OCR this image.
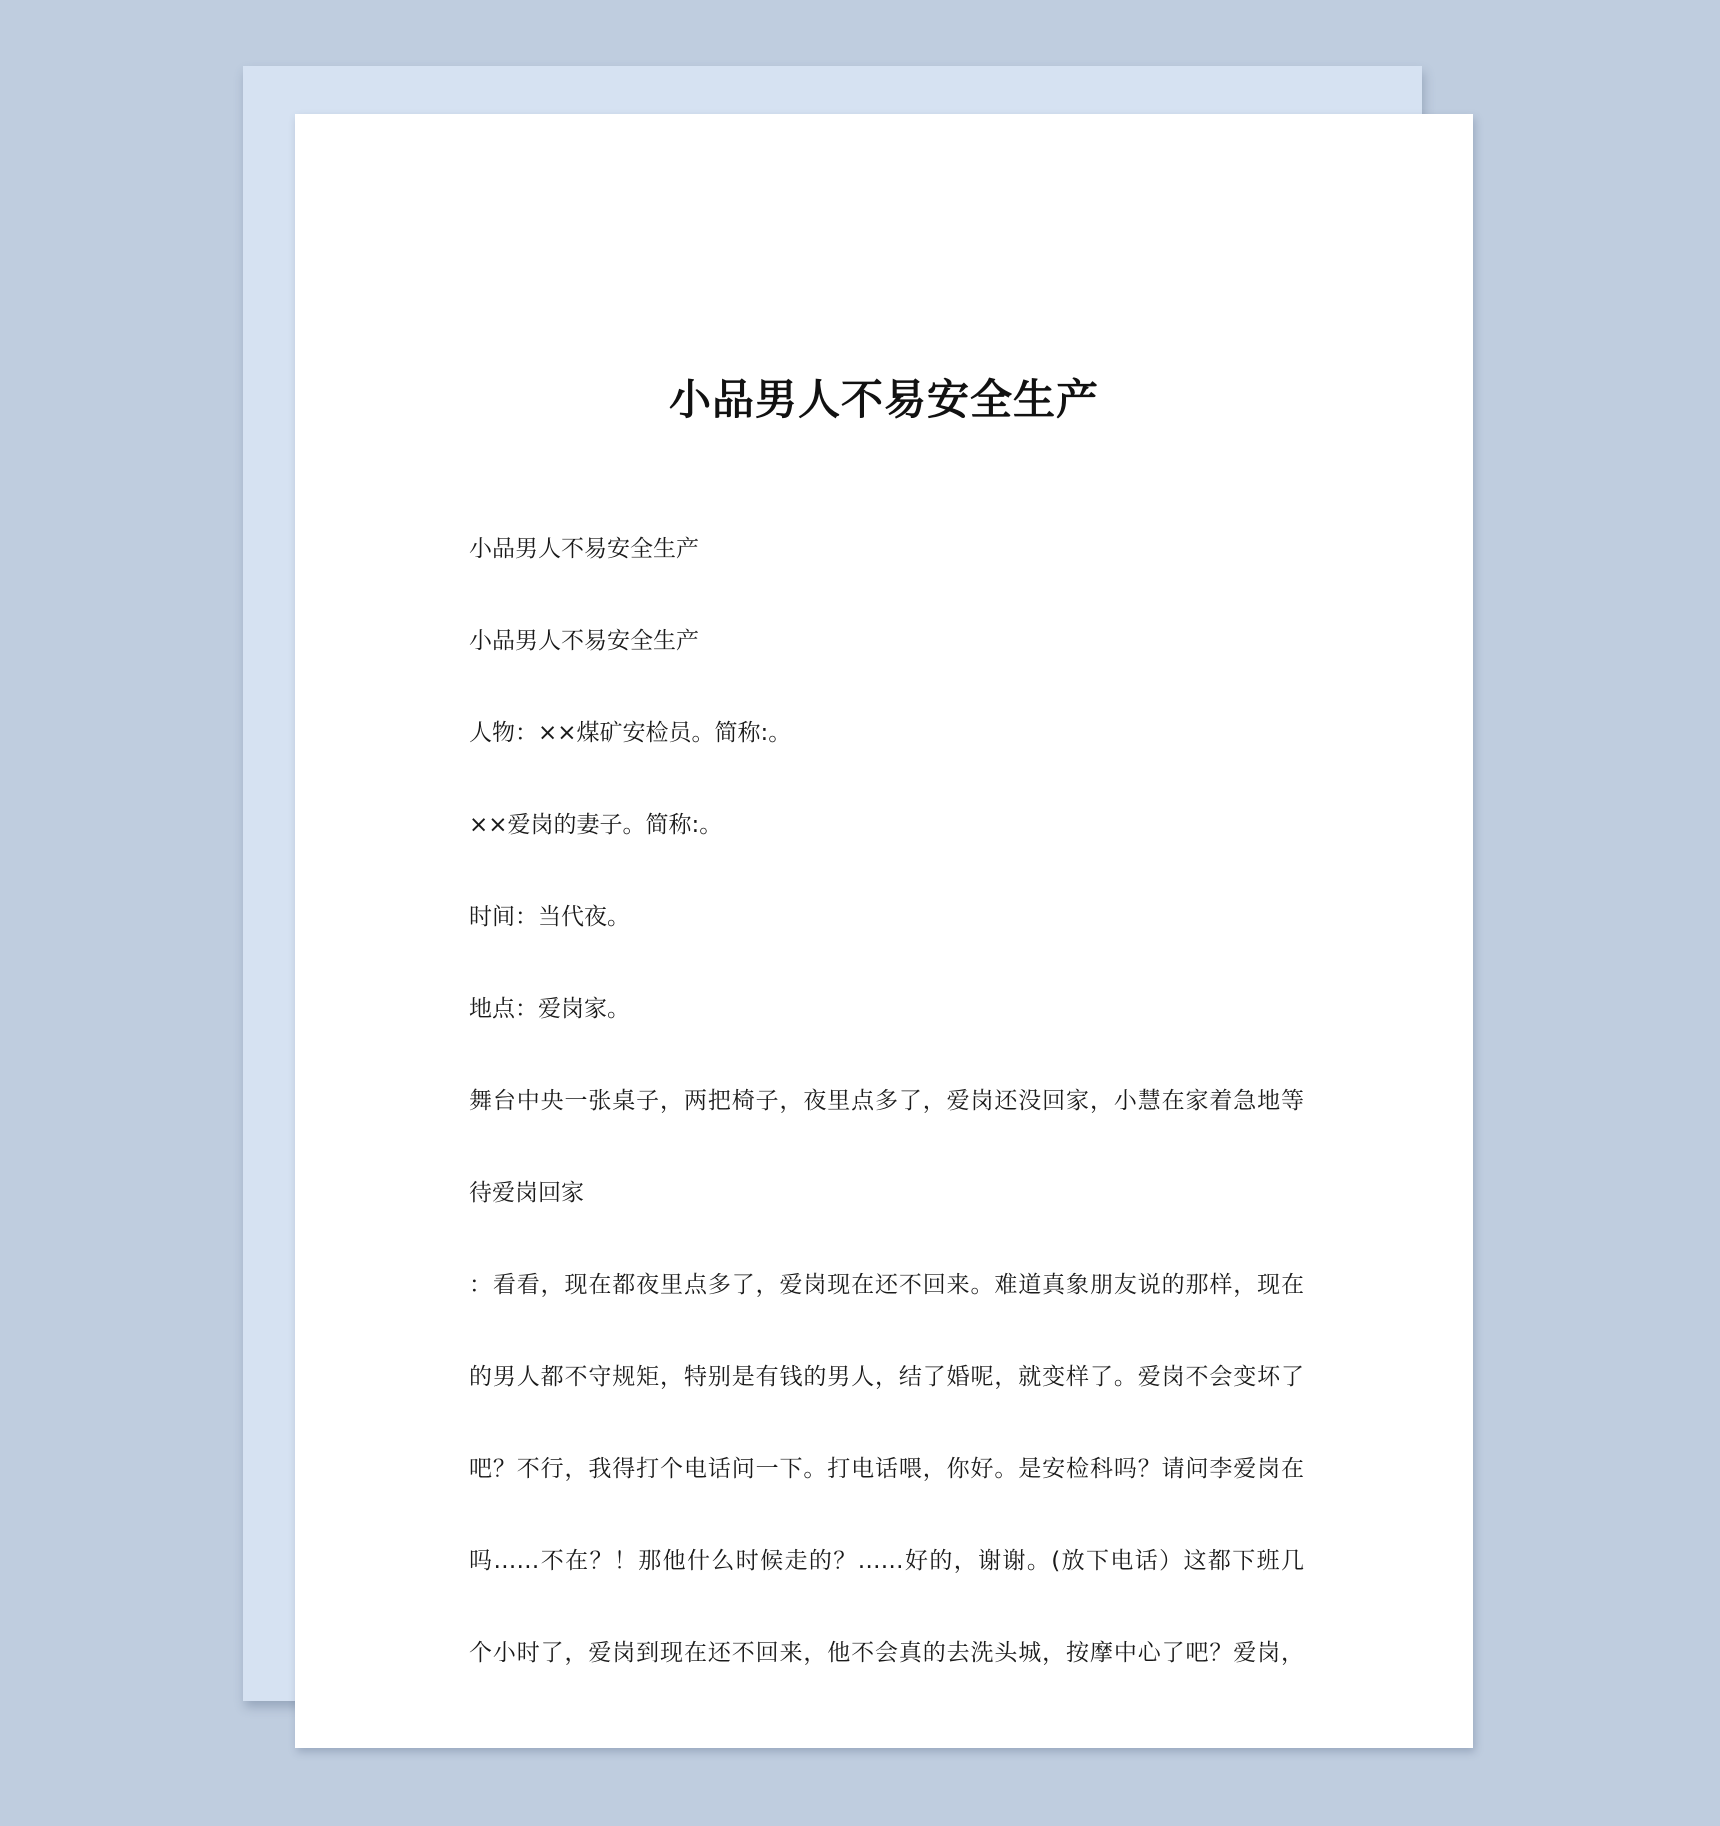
小品男人不易安全生产

小品男人不易安全生产

小品男人不易安全生产

人物：××煤矿安检员。简称:。

××爱岗的妻子。简称:。

时间：当代夜。

地点：爱岗家。

舞台中央一张桌子，两把椅子，夜里点多了，爱岗还没回家，小慧在家着急地等

待爱岗回家

：看看，现在都夜里点多了，爱岗现在还不回来。难道真象朋友说的那样，现在

的男人都不守规矩，特别是有钱的男人，结了婚呢，就变样了。爱岗不会变坏了

吧？不行，我得打个电话问一下。打电话喂，你好。是安检科吗？请问李爱岗在

吗……不在？！那他什么时候走的？……好的，谢谢。(放下电话）这都下班几

个小时了，爱岗到现在还不回来，他不会真的去洗头城，按摩中心了吧？爱岗，
